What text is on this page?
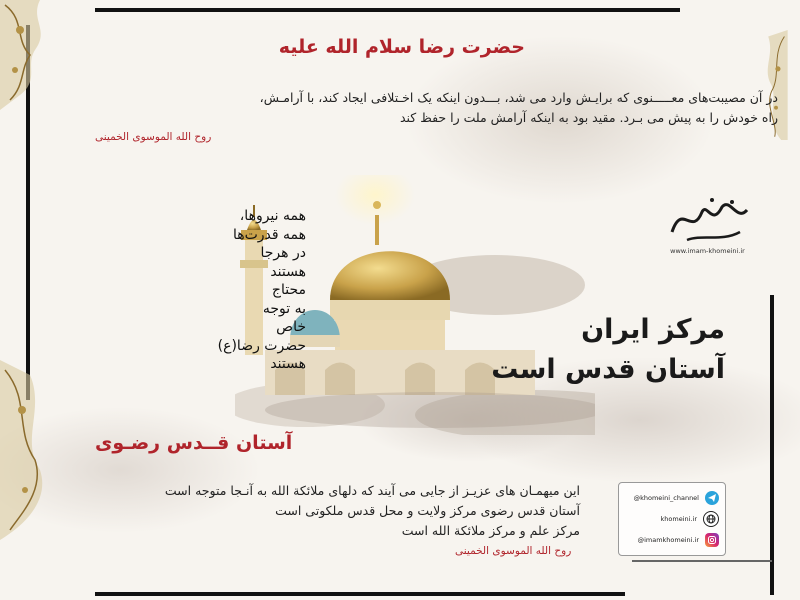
حضرت رضا سلام الله علیه
در آن مصیبت‌های معـــــنوی که برایـش وارد می شد، بـــدون اینکه یک اخـتلافی ایجاد کند، با آرامـش،
راه خودش را به پیش می بـرد. مقید بود به اینکه آرامش ملت را حفظ کند
روح الله الموسوی الخمینی
www.imam-khomeini.ir
همه نیروها،
همه قدرت‌ها
در هرجا
هستند
محتاج
به توجه
خاص
حضرت رضا(ع)
هستند
مرکز ایران
آستان قدس است
آستان قــدس رضـوی
این میهمـان های عزیـز از جایی می آیند که دلهای ملائکة الله به آنـجا متوجه است
آستان قدس رضوی مرکز ولایت و محل قدس ملکوتی است
مرکز علم و مرکز ملائکة الله است
روح الله الموسوی الخمینی
@khomeini_channel
khomeini.ir
@imamkhomeini.ir
